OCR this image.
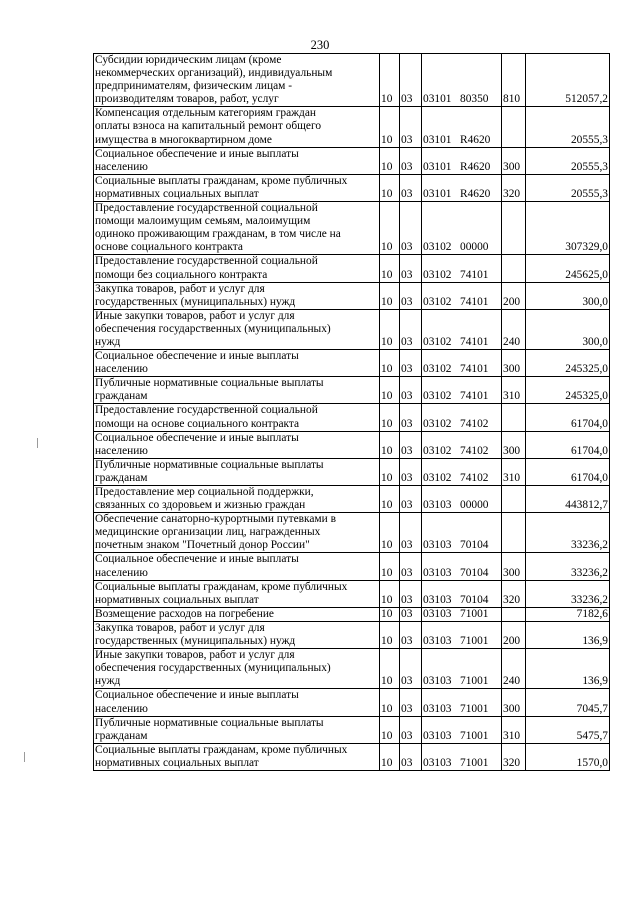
230
Субсидии юридическим лицам (кроме
некоммерческих организаций), индивидуальным
предпринимателям, физическим лицам -
производителям товаров, работ, услуг	10	03	03101 80350	810	512057,2

Компенсация отдельным категориям граждан
оплаты взноса на капитальный ремонт общего
имущества в многоквартирном доме	10	03	03101 R4620		20555,3

Социальное обеспечение и иные выплаты
населению	10	03	03101 R4620	300	20555,3

Социальные выплаты гражданам, кроме публичных
нормативных социальных выплат	10	03	03101 R4620	320	20555,3

Предоставление государственной социальной
помощи малоимущим семьям, малоимущим
одиноко проживающим гражданам, в том числе на
основе социального контракта	10	03	03102 00000		307329,0

Предоставление государственной социальной
помощи без социального контракта	10	03	03102 74101		245625,0

Закупка товаров, работ и услуг для
государственных (муниципальных) нужд	10	03	03102 74101	200	300,0

Иные закупки товаров, работ и услуг для
обеспечения государственных (муниципальных)
нужд	10	03	03102 74101	240	300,0

Социальное обеспечение и иные выплаты
населению	10	03	03102 74101	300	245325,0

Публичные нормативные социальные выплаты
гражданам	10	03	03102 74101	310	245325,0

Предоставление государственной социальной
помощи на основе социального контракта	10	03	03102 74102		61704,0

Социальное обеспечение и иные выплаты
населению	10	03	03102 74102	300	61704,0

Публичные нормативные социальные выплаты
гражданам	10	03	03102 74102	310	61704,0

Предоставление мер социальной поддержки,
связанных со здоровьем и жизнью граждан	10	03	03103 00000		443812,7

Обеспечение санаторно-курортными путевками в
медицинские организации лиц, награжденных
почетным знаком "Почетный донор России"	10	03	03103 70104		33236,2

Социальное обеспечение и иные выплаты
населению	10	03	03103 70104	300	33236,2

Социальные выплаты гражданам, кроме публичных
нормативных социальных выплат	10	03	03103 70104	320	33236,2

Возмещение расходов на погребение	10	03	03103 71001		7182,6

Закупка товаров, работ и услуг для
государственных (муниципальных) нужд	10	03	03103 71001	200	136,9

Иные закупки товаров, работ и услуг для
обеспечения государственных (муниципальных)
нужд	10	03	03103 71001	240	136,9

Социальное обеспечение и иные выплаты
населению	10	03	03103 71001	300	7045,7

Публичные нормативные социальные выплаты
гражданам	10	03	03103 71001	310	5475,7

Социальные выплаты гражданам, кроме публичных
нормативных социальных выплат	10	03	03103 71001	320	1570,0
